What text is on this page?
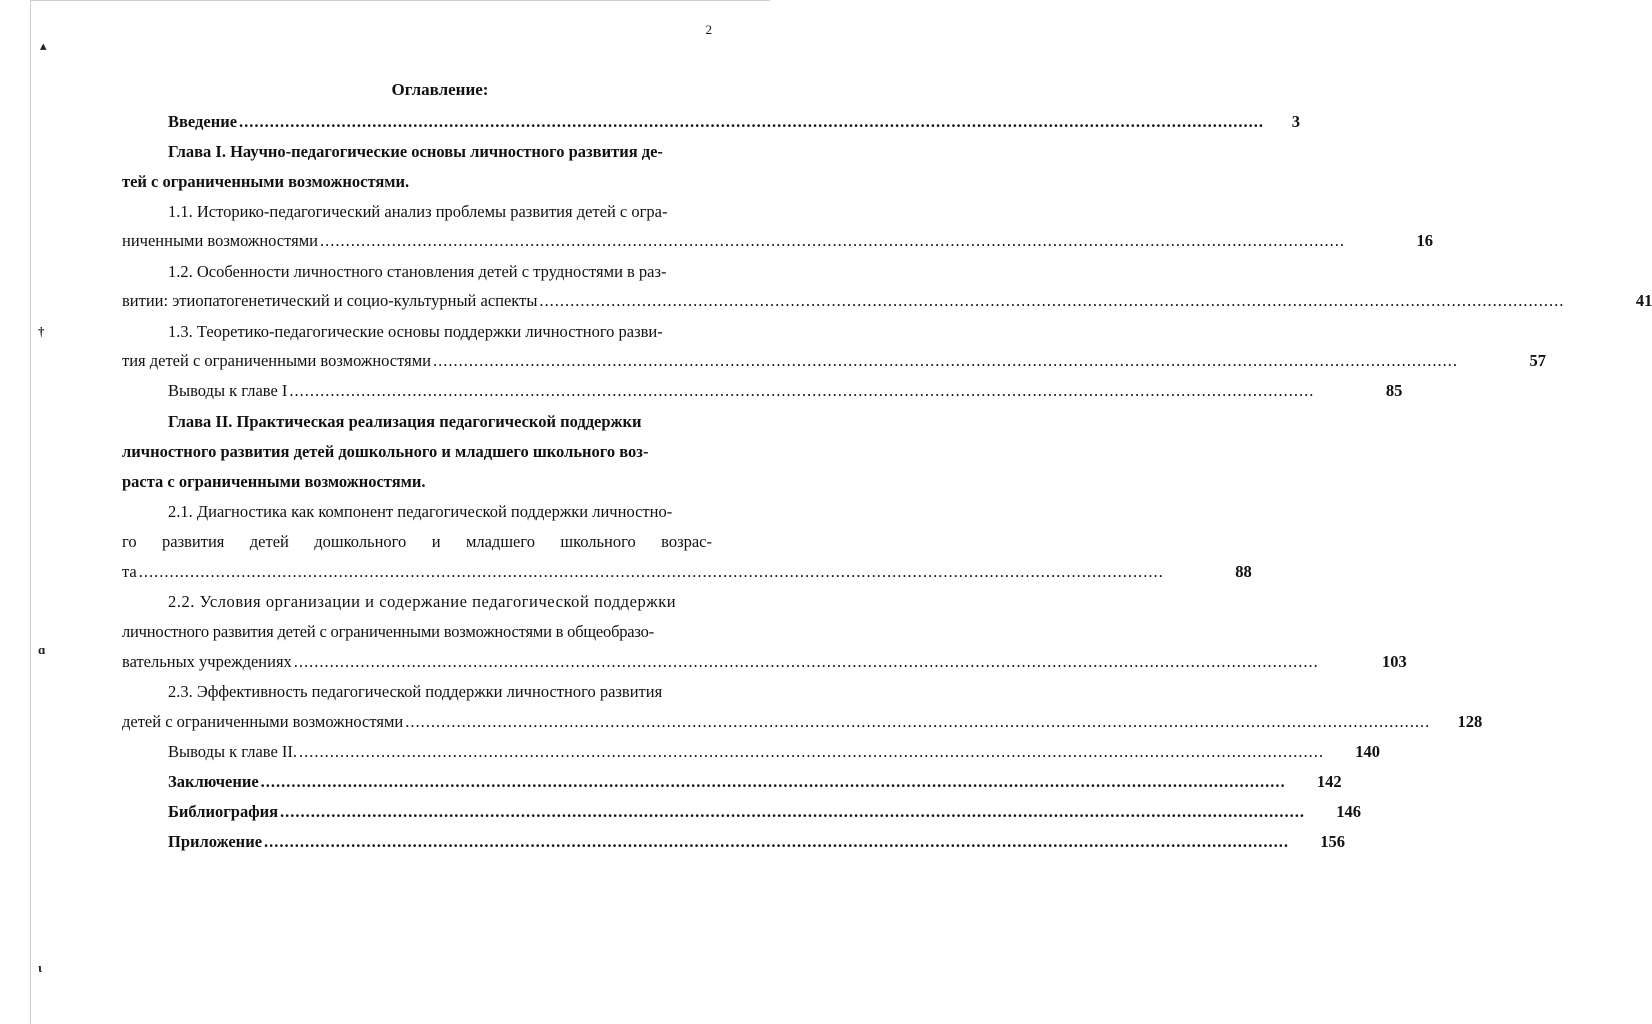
▴
†
ɑ
ɩ
2
Оглавление:
Введение ........................................................................................................................................................................................................	3
Глава I. Научно-педагогические основы личностного развития де-
тей с ограниченными возможностями.
1.1. Историко-педагогический анализ проблемы развития детей с огра-
ниченными возможностями ........................................................................................................................................................................................................	16
1.2. Особенности личностного становления детей с трудностями в раз-
витии: этиопатогенетический и социо-культурный аспекты ........................................................................................................................................................................................................	41
1.3. Теоретико-педагогические основы поддержки личностного разви-
тия детей с ограниченными возможностями ........................................................................................................................................................................................................	57
Выводы к главе I ........................................................................................................................................................................................................	85
Глава II. Практическая реализация педагогической поддержки
личностного развития детей дошкольного и младшего школьного воз-
раста с ограниченными возможностями.
2.1. Диагностика как компонент педагогической поддержки личностно-
го развития детей дошкольного и младшего школьного возрас-
та ........................................................................................................................................................................................................	88
2.2. Условия организации и содержание педагогической поддержки
личностного развития детей с ограниченными возможностями в общеобразо-
вательных учреждениях ........................................................................................................................................................................................................	103
2.3. Эффективность педагогической поддержки личностного развития
детей с ограниченными возможностями ........................................................................................................................................................................................................	128
Выводы к главе II. ........................................................................................................................................................................................................	140
Заключение ........................................................................................................................................................................................................	142
Библиография ........................................................................................................................................................................................................	146
Приложение ........................................................................................................................................................................................................	156
